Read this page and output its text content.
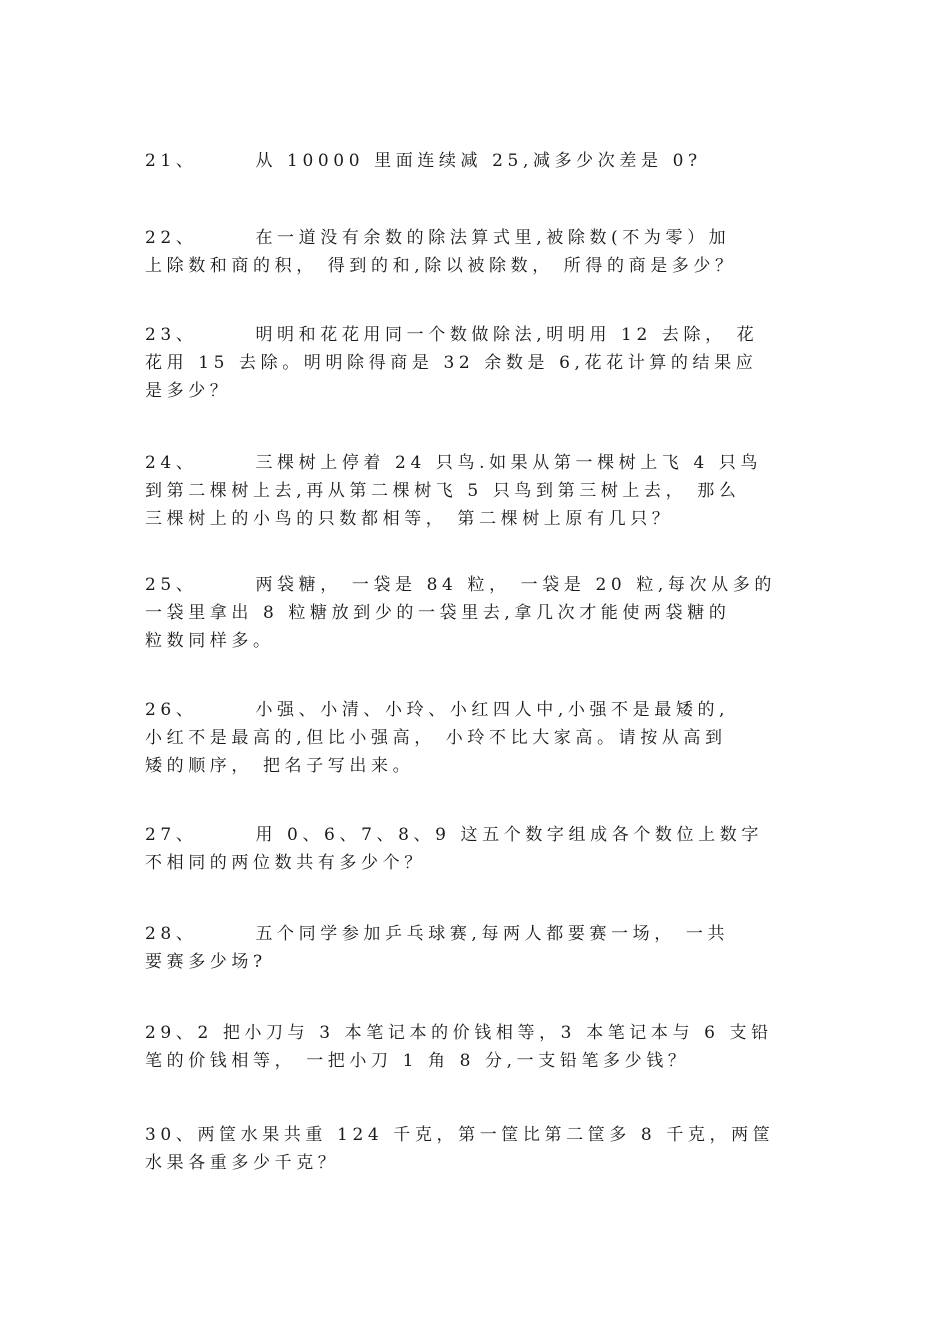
21、	从 10000 里面连续减 25,减多少次差是 0?

22、	在一道没有余数的除法算式里,被除数(不为零）加
上除数和商的积， 得到的和,除以被除数， 所得的商是多少？

23、	明明和花花用同一个数做除法,明明用 12 去除， 花
花用 15 去除。明明除得商是 32 余数是 6,花花计算的结果应
是多少？

24、	三棵树上停着 24 只鸟.如果从第一棵树上飞 4 只鸟
到第二棵树上去,再从第二棵树飞 5 只鸟到第三树上去， 那么
三棵树上的小鸟的只数都相等， 第二棵树上原有几只？

25、	两袋糖， 一袋是 84 粒， 一袋是 20 粒,每次从多的
一袋里拿出 8 粒糖放到少的一袋里去,拿几次才能使两袋糖的
粒数同样多。

26、	小强、小清、小玲、小红四人中,小强不是最矮的,
小红不是最高的,但比小强高， 小玲不比大家高。请按从高到
矮的顺序， 把名子写出来。

27、	用 0、6、7、8、9 这五个数字组成各个数位上数字
不相同的两位数共有多少个？

28、	五个同学参加乒乓球赛,每两人都要赛一场， 一共
要赛多少场?

29、2 把小刀与 3 本笔记本的价钱相等，3 本笔记本与 6 支铅
笔的价钱相等， 一把小刀 1 角 8 分,一支铅笔多少钱？

30、两筐水果共重 124 千克，第一筐比第二筐多 8 千克，两筐
水果各重多少千克？
